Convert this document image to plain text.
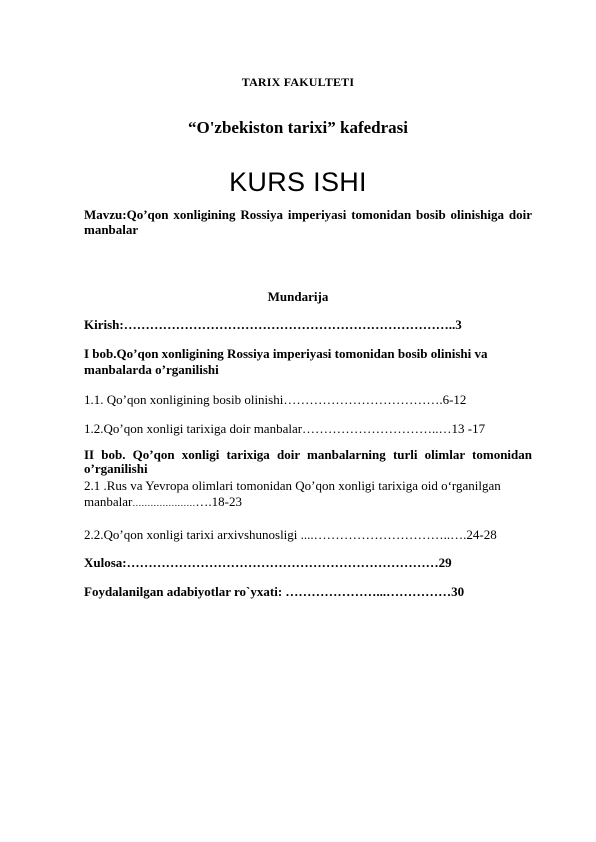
TARIX FAKULTETI
“O'zbekiston tarixi” kafedrasi
KURS ISHI
Mavzu:Qo’qon xonligining Rossiya imperiyasi tomonidan bosib olinishiga doir manbalar
Mundarija
Kirish:…………………………………………………………………..3
I bob.Qo’qon xonligining Rossiya imperiyasi tomonidan bosib olinishi va manbalarda o’rganilishi
1.1. Qo’qon xonligining bosib olinishi……………………………….6-12
1.2.Qo’qon xonligi tarixiga doir manbalar…………………………..…13 -17
II bob. Qo’qon xonligi tarixiga doir manbalarning turli olimlar tomonidan o’rganilishi
2.1 .Rus va Yevropa olimlari tomonidan Qo’qon xonligi tarixiga oid o‘rganilgan manbalar…………………….18-23
2.2.Qo’qon xonligi tarixi arxivshunosligi ....…………………………..….24-28
Xulosa:………………………………………………………………29
Foydalanilgan adabiyotlar ro`yxati: …………………...……………30
